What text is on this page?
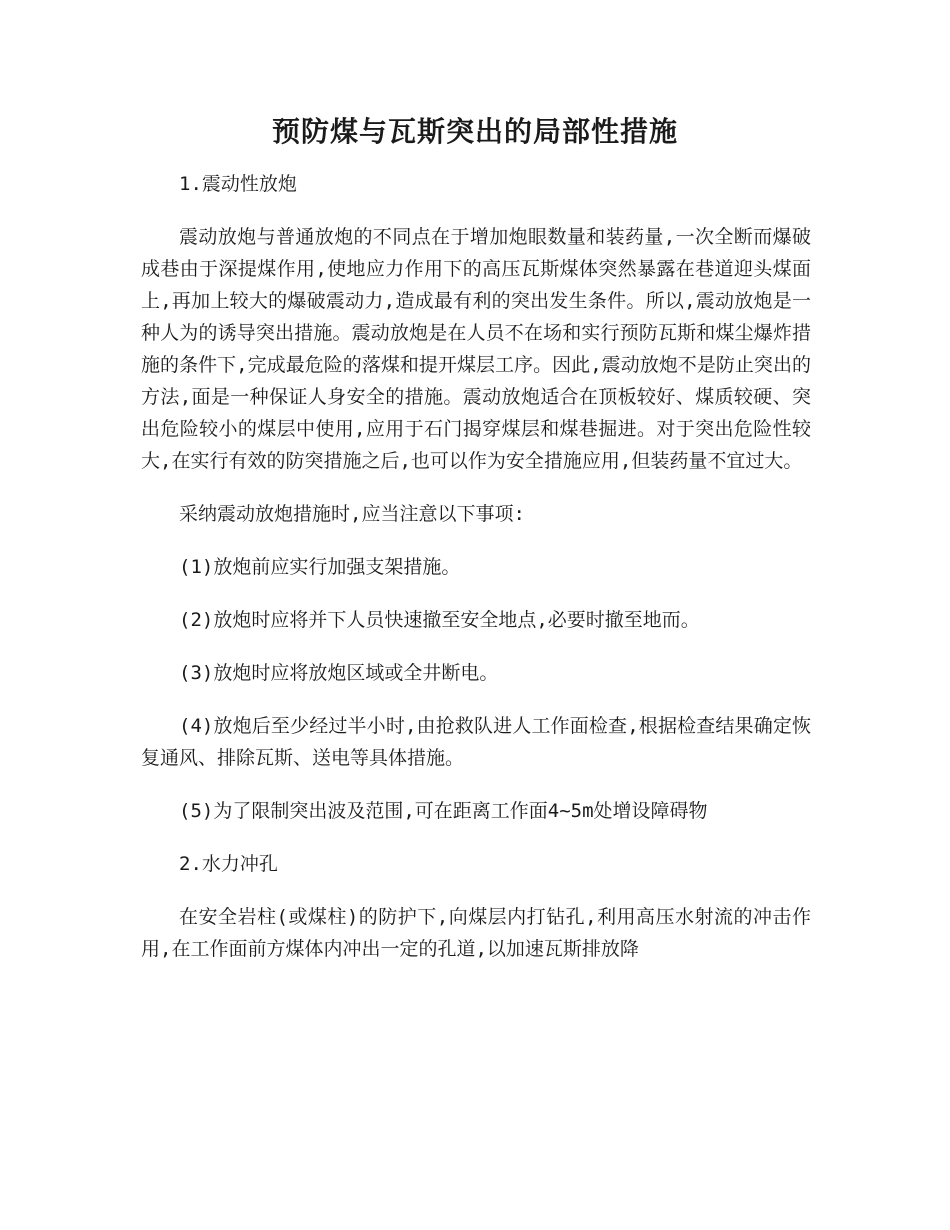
预防煤与瓦斯突出的局部性措施

1.震动性放炮

震动放炮与普通放炮的不同点在于增加炮眼数量和装药量,一次全断而爆破成巷由于深提煤作用,使地应力作用下的高压瓦斯煤体突然暴露在巷道迎头煤面上,再加上较大的爆破震动力,造成最有利的突出发生条件。所以,震动放炮是一种人为的诱导突出措施。震动放炮是在人员不在场和实行预防瓦斯和煤尘爆炸措施的条件下,完成最危险的落煤和提开煤层工序。因此,震动放炮不是防止突出的方法,面是一种保证人身安全的措施。震动放炮适合在顶板较好、煤质较硬、突出危险较小的煤层中使用,应用于石门揭穿煤层和煤巷掘进。对于突出危险性较大,在实行有效的防突措施之后,也可以作为安全措施应用,但装药量不宜过大。

采纳震动放炮措施时,应当注意以下事项:

(1)放炮前应实行加强支架措施。

(2)放炮时应将并下人员快速撤至安全地点,必要时撤至地而。

(3)放炮时应将放炮区域或全井断电。

(4)放炮后至少经过半小时,由抢救队进人工作面检查,根据检查结果确定恢复通风、排除瓦斯、送电等具体措施。

(5)为了限制突出波及范围,可在距离工作面4~5m处增设障碍物

2.水力冲孔

在安全岩柱(或煤柱)的防护下,向煤层内打钻孔,利用高压水射流的冲击作用,在工作面前方煤体内冲出一定的孔道,以加速瓦斯排放降
